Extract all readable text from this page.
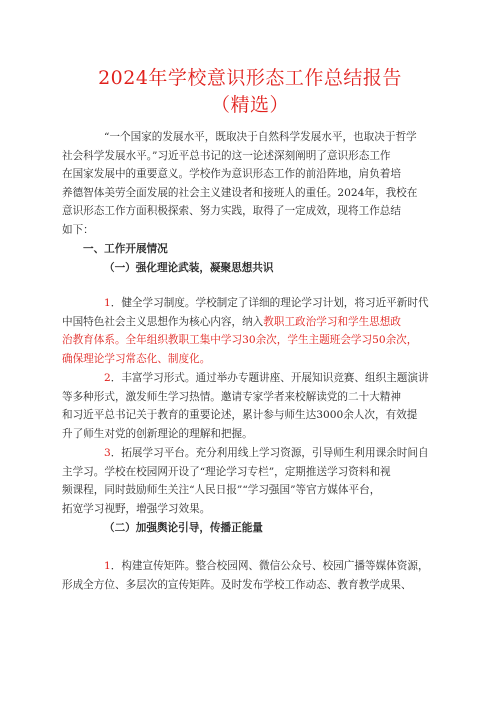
2024年学校意识形态工作总结报告
（精选）
“一个国家的发展水平，既取决于自然科学发展水平，也取决于哲学
社会科学发展水平。”习近平总书记的这一论述深刻阐明了意识形态工作
在国家发展中的重要意义。学校作为意识形态工作的前沿阵地，肩负着培
养德智体美劳全面发展的社会主义建设者和接班人的重任。2024年，我校在
意识形态工作方面积极探索、努力实践，取得了一定成效，现将工作总结
如下：
一、工作开展情况
（一）强化理论武装，凝聚思想共识
1．健全学习制度。学校制定了详细的理论学习计划，将习近平新时代
中国特色社会主义思想作为核心内容，纳入教职工政治学习和学生思想政
治教育体系。全年组织教职工集中学习30余次，学生主题班会学习50余次，
确保理论学习常态化、制度化。
2．丰富学习形式。通过举办专题讲座、开展知识竞赛、组织主题演讲
等多种形式，激发师生学习热情。邀请专家学者来校解读党的二十大精神
和习近平总书记关于教育的重要论述，累计参与师生达3000余人次，有效提
升了师生对党的创新理论的理解和把握。
3．拓展学习平台。充分利用线上学习资源，引导师生利用课余时间自
主学习。学校在校园网开设了“理论学习专栏”，定期推送学习资料和视
频课程，同时鼓励师生关注“人民日报”“学习强国”等官方媒体平台，
拓宽学习视野，增强学习效果。
（二）加强舆论引导，传播正能量
1．构建宣传矩阵。整合校园网、微信公众号、校园广播等媒体资源，
形成全方位、多层次的宣传矩阵。及时发布学校工作动态、教育教学成果、
